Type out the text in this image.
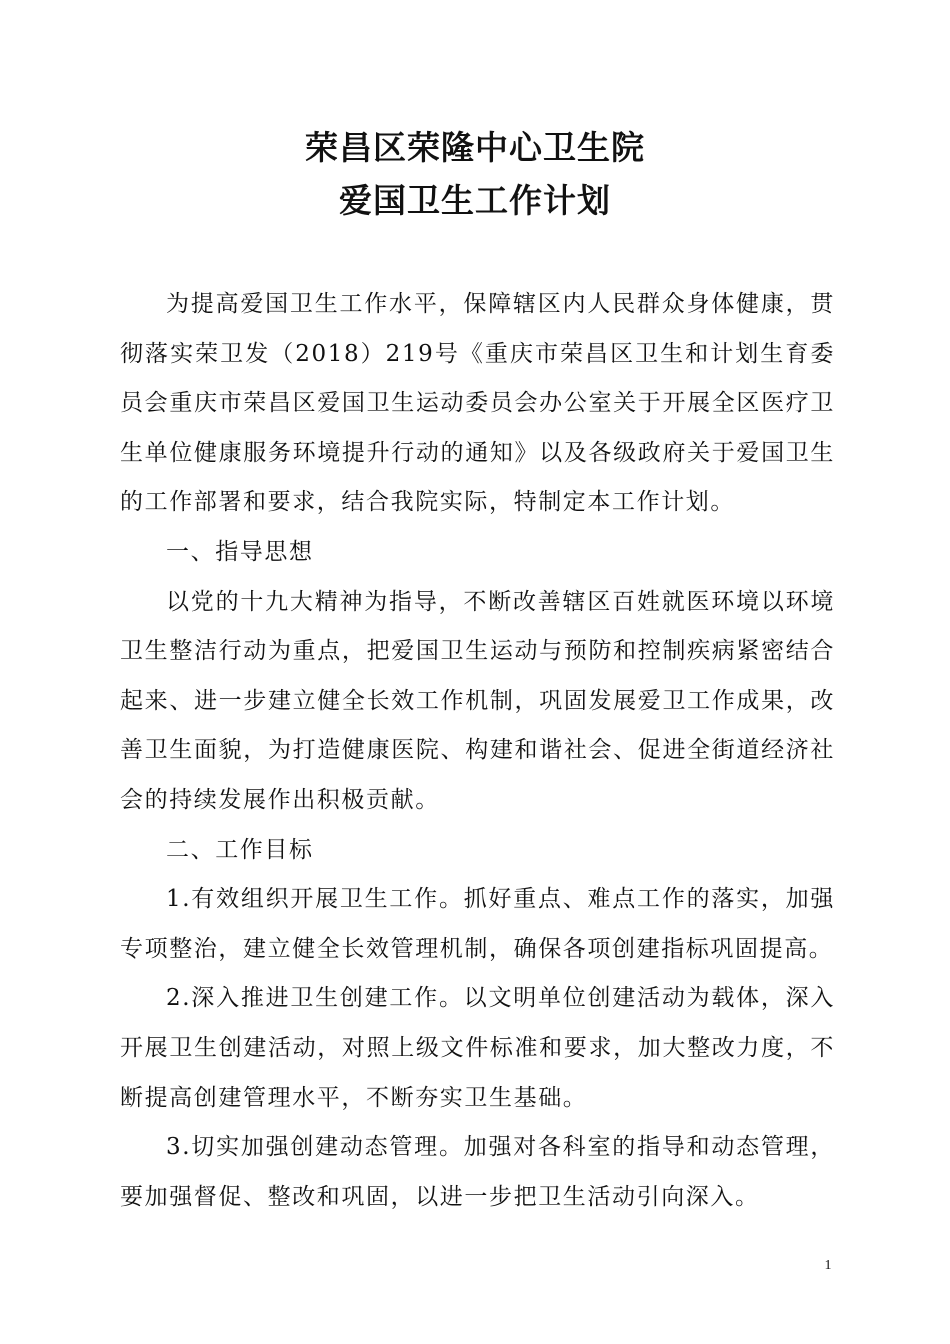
荣昌区荣隆中心卫生院
爱国卫生工作计划

为提高爱国卫生工作水平，保障辖区内人民群众身体健康，贯彻落实荣卫发（2018）219号《重庆市荣昌区卫生和计划生育委员会重庆市荣昌区爱国卫生运动委员会办公室关于开展全区医疗卫生单位健康服务环境提升行动的通知》以及各级政府关于爱国卫生的工作部署和要求，结合我院实际，特制定本工作计划。

一、指导思想

以党的十九大精神为指导，不断改善辖区百姓就医环境以环境卫生整洁行动为重点，把爱国卫生运动与预防和控制疾病紧密结合起来、进一步建立健全长效工作机制，巩固发展爱卫工作成果，改善卫生面貌，为打造健康医院、构建和谐社会、促进全街道经济社会的持续发展作出积极贡献。

二、工作目标

1.有效组织开展卫生工作。抓好重点、难点工作的落实，加强专项整治，建立健全长效管理机制，确保各项创建指标巩固提高。

2.深入推进卫生创建工作。以文明单位创建活动为载体，深入开展卫生创建活动，对照上级文件标准和要求，加大整改力度，不断提高创建管理水平，不断夯实卫生基础。

3.切实加强创建动态管理。加强对各科室的指导和动态管理，要加强督促、整改和巩固，以进一步把卫生活动引向深入。

1
